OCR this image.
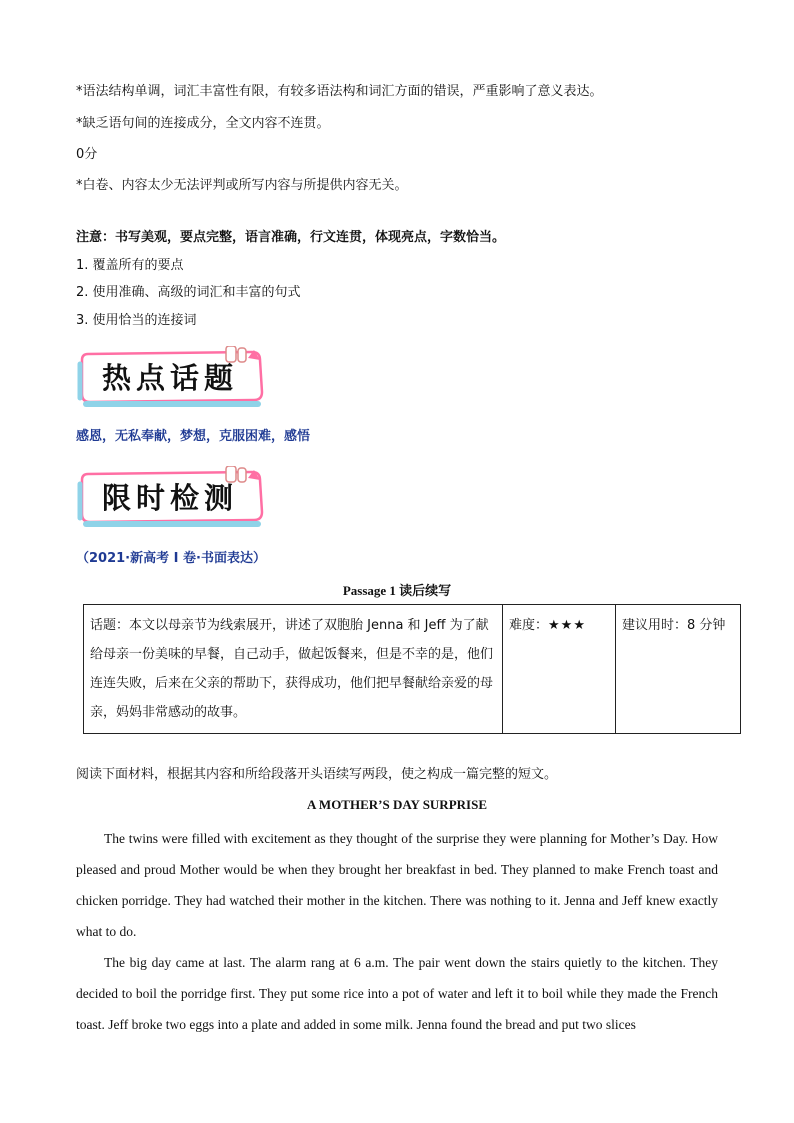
*语法结构单调，词汇丰富性有限，有较多语法构和词汇方面的错误，严重影响了意义表达。
*缺乏语句间的连接成分，全文内容不连贯。
0分
*白卷、内容太少无法评判或所写内容与所提供内容无关。
注意：书写美观，要点完整，语言准确，行文连贯，体现亮点，字数恰当。
1. 覆盖所有的要点
2. 使用准确、高级的词汇和丰富的句式
3. 使用恰当的连接词
热点话题
感恩，无私奉献，梦想，克服困难，感悟
限时检测
（2021·新高考 I 卷·书面表达）
Passage 1 读后续写
话题：本文以母亲节为线索展开，讲述了双胞胎 Jenna 和 Jeff 为了献给母亲一份美味的早餐，自己动手，做起饭餐来，但是不幸的是，他们连连失败，后来在父亲的帮助下，获得成功，他们把早餐献给亲爱的母亲，妈妈非常感动的故事。	难度：★★★	建议用时：8 分钟
阅读下面材料，根据其内容和所给段落开头语续写两段，使之构成一篇完整的短文。
A MOTHER’S DAY SURPRISE

The twins were filled with excitement as they thought of the surprise they were planning for Mother’s Day. How pleased and proud Mother would be when they brought her breakfast in bed. They planned to make French toast and chicken porridge. They had watched their mother in the kitchen. There was nothing to it. Jenna and Jeff knew exactly what to do.

The big day came at last. The alarm rang at 6 a.m. The pair went down the stairs quietly to the kitchen. They decided to boil the porridge first. They put some rice into a pot of water and left it to boil while they made the French toast. Jeff broke two eggs into a plate and added in some milk. Jenna found the bread and put two slices
